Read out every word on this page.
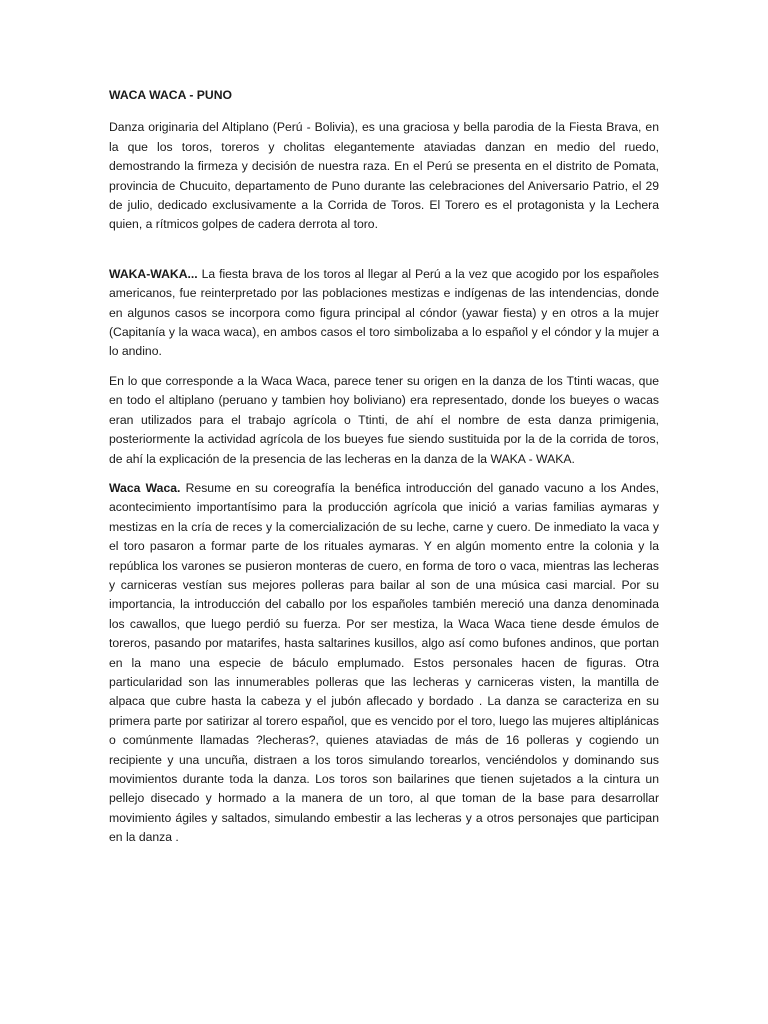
WACA WACA - PUNO

Danza originaria del Altiplano (Perú - Bolivia), es una graciosa y bella parodia de la Fiesta Brava, en la que los toros, toreros y cholitas elegantemente ataviadas danzan en medio del ruedo, demostrando la firmeza y decisión de nuestra raza. En el Perú se presenta en el distrito de Pomata, provincia de Chucuito, departamento de Puno durante las celebraciones del Aniversario Patrio, el 29 de julio, dedicado exclusivamente a la Corrida de Toros. El Torero es el protagonista y la Lechera quien, a rítmicos golpes de cadera derrota al toro.

WAKA-WAKA... La fiesta brava de los toros al llegar al Perú a la vez que acogido por los españoles americanos, fue reinterpretado por las poblaciones mestizas e indígenas de las intendencias, donde en algunos casos se incorpora como figura principal al cóndor (yawar fiesta) y en otros a la mujer (Capitanía y la waca waca), en ambos casos el toro simbolizaba a lo español y el cóndor y la mujer a lo andino.

En lo que corresponde a la Waca Waca, parece tener su origen en la danza de los Ttinti wacas, que en todo el altiplano (peruano y tambien hoy boliviano) era representado, donde los bueyes o wacas eran utilizados para el trabajo agrícola o Ttinti, de ahí el nombre de esta danza primigenia, posteriormente la actividad agrícola de los bueyes fue siendo sustituida por la de la corrida de toros, de ahí la explicación de la presencia de las lecheras en la danza de la WAKA - WAKA.

Waca Waca. Resume en su coreografía la benéfica introducción del ganado vacuno a los Andes, acontecimiento importantísimo para la producción agrícola que inició a varias familias aymaras y mestizas en la cría de reces y la comercialización de su leche, carne y cuero. De inmediato la vaca y el toro pasaron a formar parte de los rituales aymaras. Y en algún momento entre la colonia y la república los varones se pusieron monteras de cuero, en forma de toro o vaca, mientras las lecheras y carniceras vestían sus mejores polleras para bailar al son de una música casi marcial. Por su importancia, la introducción del caballo por los españoles también mereció una danza denominada los cawallos, que luego perdió su fuerza. Por ser mestiza, la Waca Waca tiene desde émulos de toreros, pasando por matarifes, hasta saltarines kusillos, algo así como bufones andinos, que portan en la mano una especie de báculo emplumado. Estos personales hacen de figuras. Otra particularidad son las innumerables polleras que las lecheras y carniceras visten, la mantilla de alpaca que cubre hasta la cabeza y el jubón aflecado y bordado . La danza se caracteriza en su primera parte por satirizar al torero español, que es vencido por el toro, luego las mujeres altiplánicas o comúnmente llamadas ?lecheras?, quienes ataviadas de más de 16 polleras y cogiendo un recipiente y una uncuña, distraen a los toros simulando torearlos, venciéndolos y dominando sus movimientos durante toda la danza. Los toros son bailarines que tienen sujetados a la cintura un pellejo disecado y hormado a la manera de un toro, al que toman de la base para desarrollar movimiento ágiles y saltados, simulando embestir a las lecheras y a otros personajes que participan en la danza .
